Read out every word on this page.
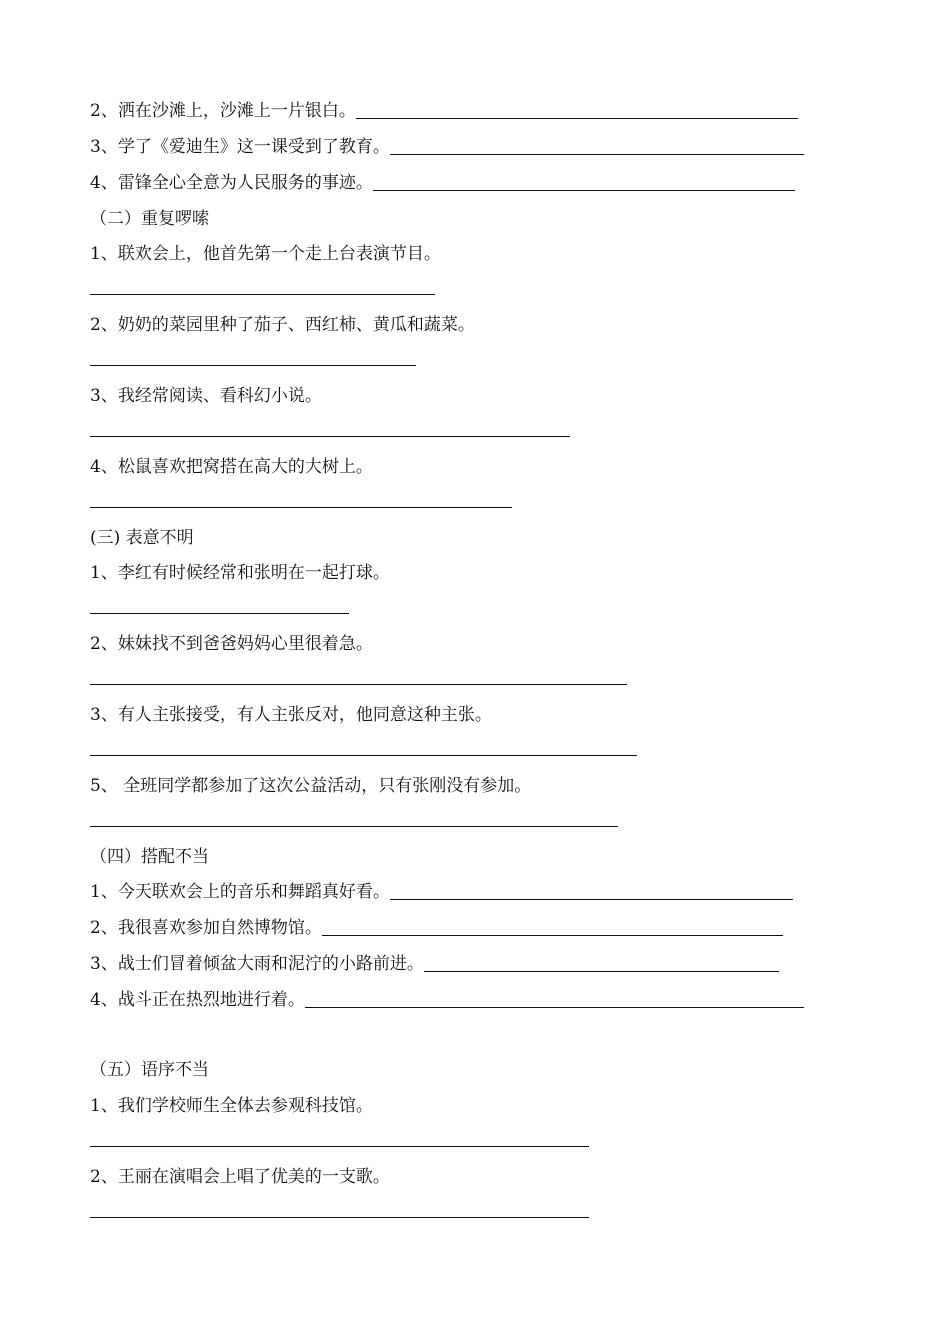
2、洒在沙滩上，沙滩上一片银白。
3、学了《爱迪生》这一课受到了教育。
4、雷锋全心全意为人民服务的事迹。
（二）重复啰嗦
1、联欢会上，他首先第一个走上台表演节目。
2、奶奶的菜园里种了茄子、西红柿、黄瓜和蔬菜。
3、我经常阅读、看科幻小说。
4、松鼠喜欢把窝搭在高大的大树上。
(三) 表意不明
1、李红有时候经常和张明在一起打球。
2、妹妹找不到爸爸妈妈心里很着急。
3、有人主张接受，有人主张反对，他同意这种主张。
5、 全班同学都参加了这次公益活动，只有张刚没有参加。
（四）搭配不当
1、今天联欢会上的音乐和舞蹈真好看。
2、我很喜欢参加自然博物馆。
3、战士们冒着倾盆大雨和泥泞的小路前进。
4、战斗正在热烈地进行着。
（五）语序不当
1、我们学校师生全体去参观科技馆。
2、王丽在演唱会上唱了优美的一支歌。
